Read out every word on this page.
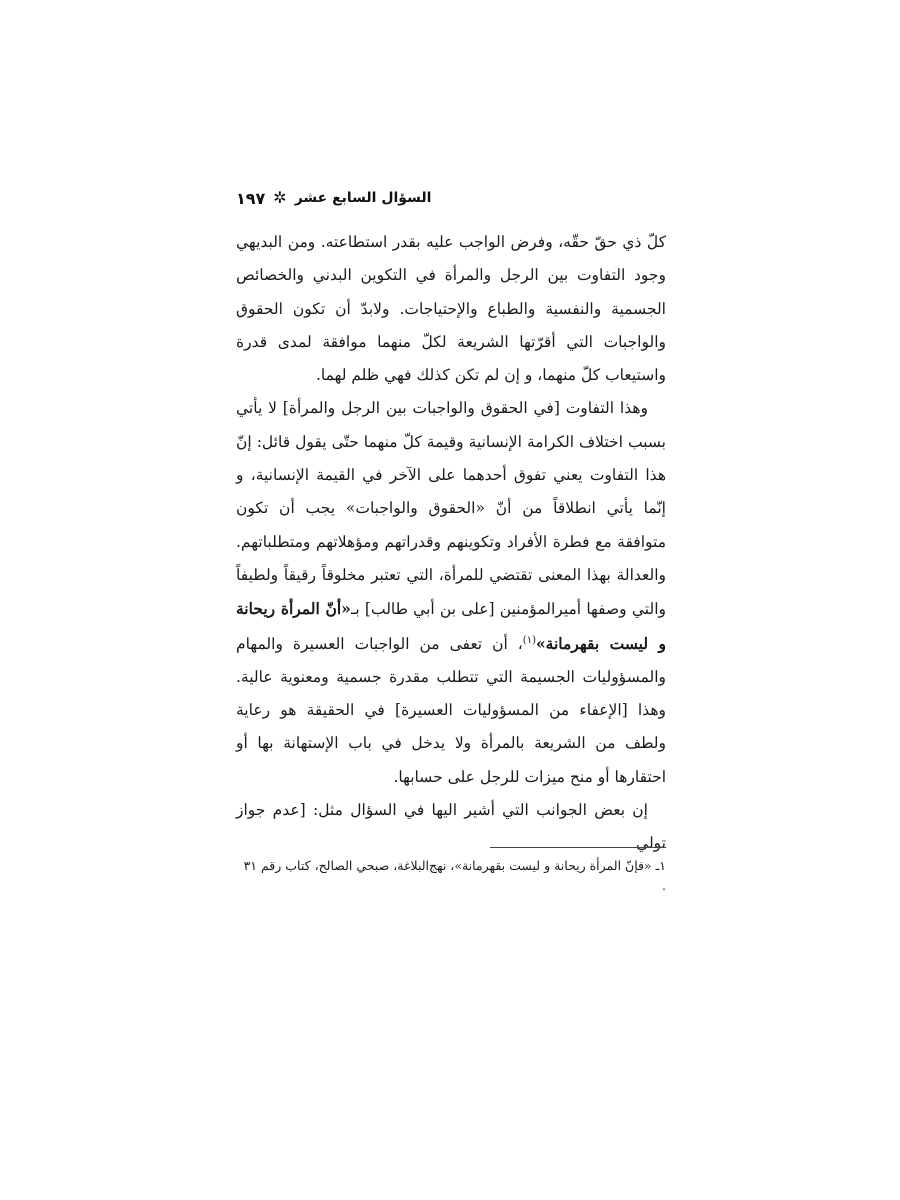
السؤال السابع عشر
✲
١٩٧

كلّ ذي حقّ حقّه، وفرض الواجب عليه بقدر استطاعته. ومن البديهي وجود التفاوت بين الرجل والمرأة في التكوين البدني والخصائص الجسمية والنفسية والطباع والإحتياجات. ولابدّ أن تكون الحقوق والواجبات التي أقرّتها الشريعة لكلّ منهما موافقة لمدى قدرة واستيعاب كلّ منهما، و إن لم تكن كذلك فهي ظلم لهما.

وهذا التفاوت [في الحقوق والواجبات بين الرجل والمرأة] لا يأتي بسبب اختلاف الكرامة الإنسانية وقيمة كلّ منهما حتّى يقول قائل: إنّ هذا التفاوت يعني تفوق أحدهما على الآخر في القيمة الإنسانية، و إنّما يأتي انطلاقاً من أنّ «الحقوق والواجبات» يجب أن تكون متوافقة مع فطرة الأفراد وتكوينهم وقدراتهم ومؤهلاتهم ومتطلباتهم. والعدالة بهذا المعنى تقتضي للمرأة، التي تعتبر مخلوقاً رقيقاً ولطيفاً والتي وصفها أميرالمؤمنين [على بن أبي طالب] بـ«أنّ المرأة ريحانة و ليست بقهرمانة»$^{(١)}$، أن تعفى من الواجبات العسيرة والمهام والمسؤوليات الجسيمة التي تتطلب مقدرة جسمية ومعنوية عالية. وهذا [الإعفاء من المسؤوليات العسيرة] في الحقيقة هو رعاية ولطف من الشريعة بالمرأة ولا يدخل في باب الإستهانة بها أو احتقارها أو منح ميزات للرجل على حسابها.

إن بعض الجوانب التي أشير اليها في السؤال مثل: [عدم جواز تولي

١ـ «فإنّ المرأة ريحانة و ليست بقهرمانة»، نهج‌البلاغة، صبحي الصالح، كتاب رقم ٣١ .
